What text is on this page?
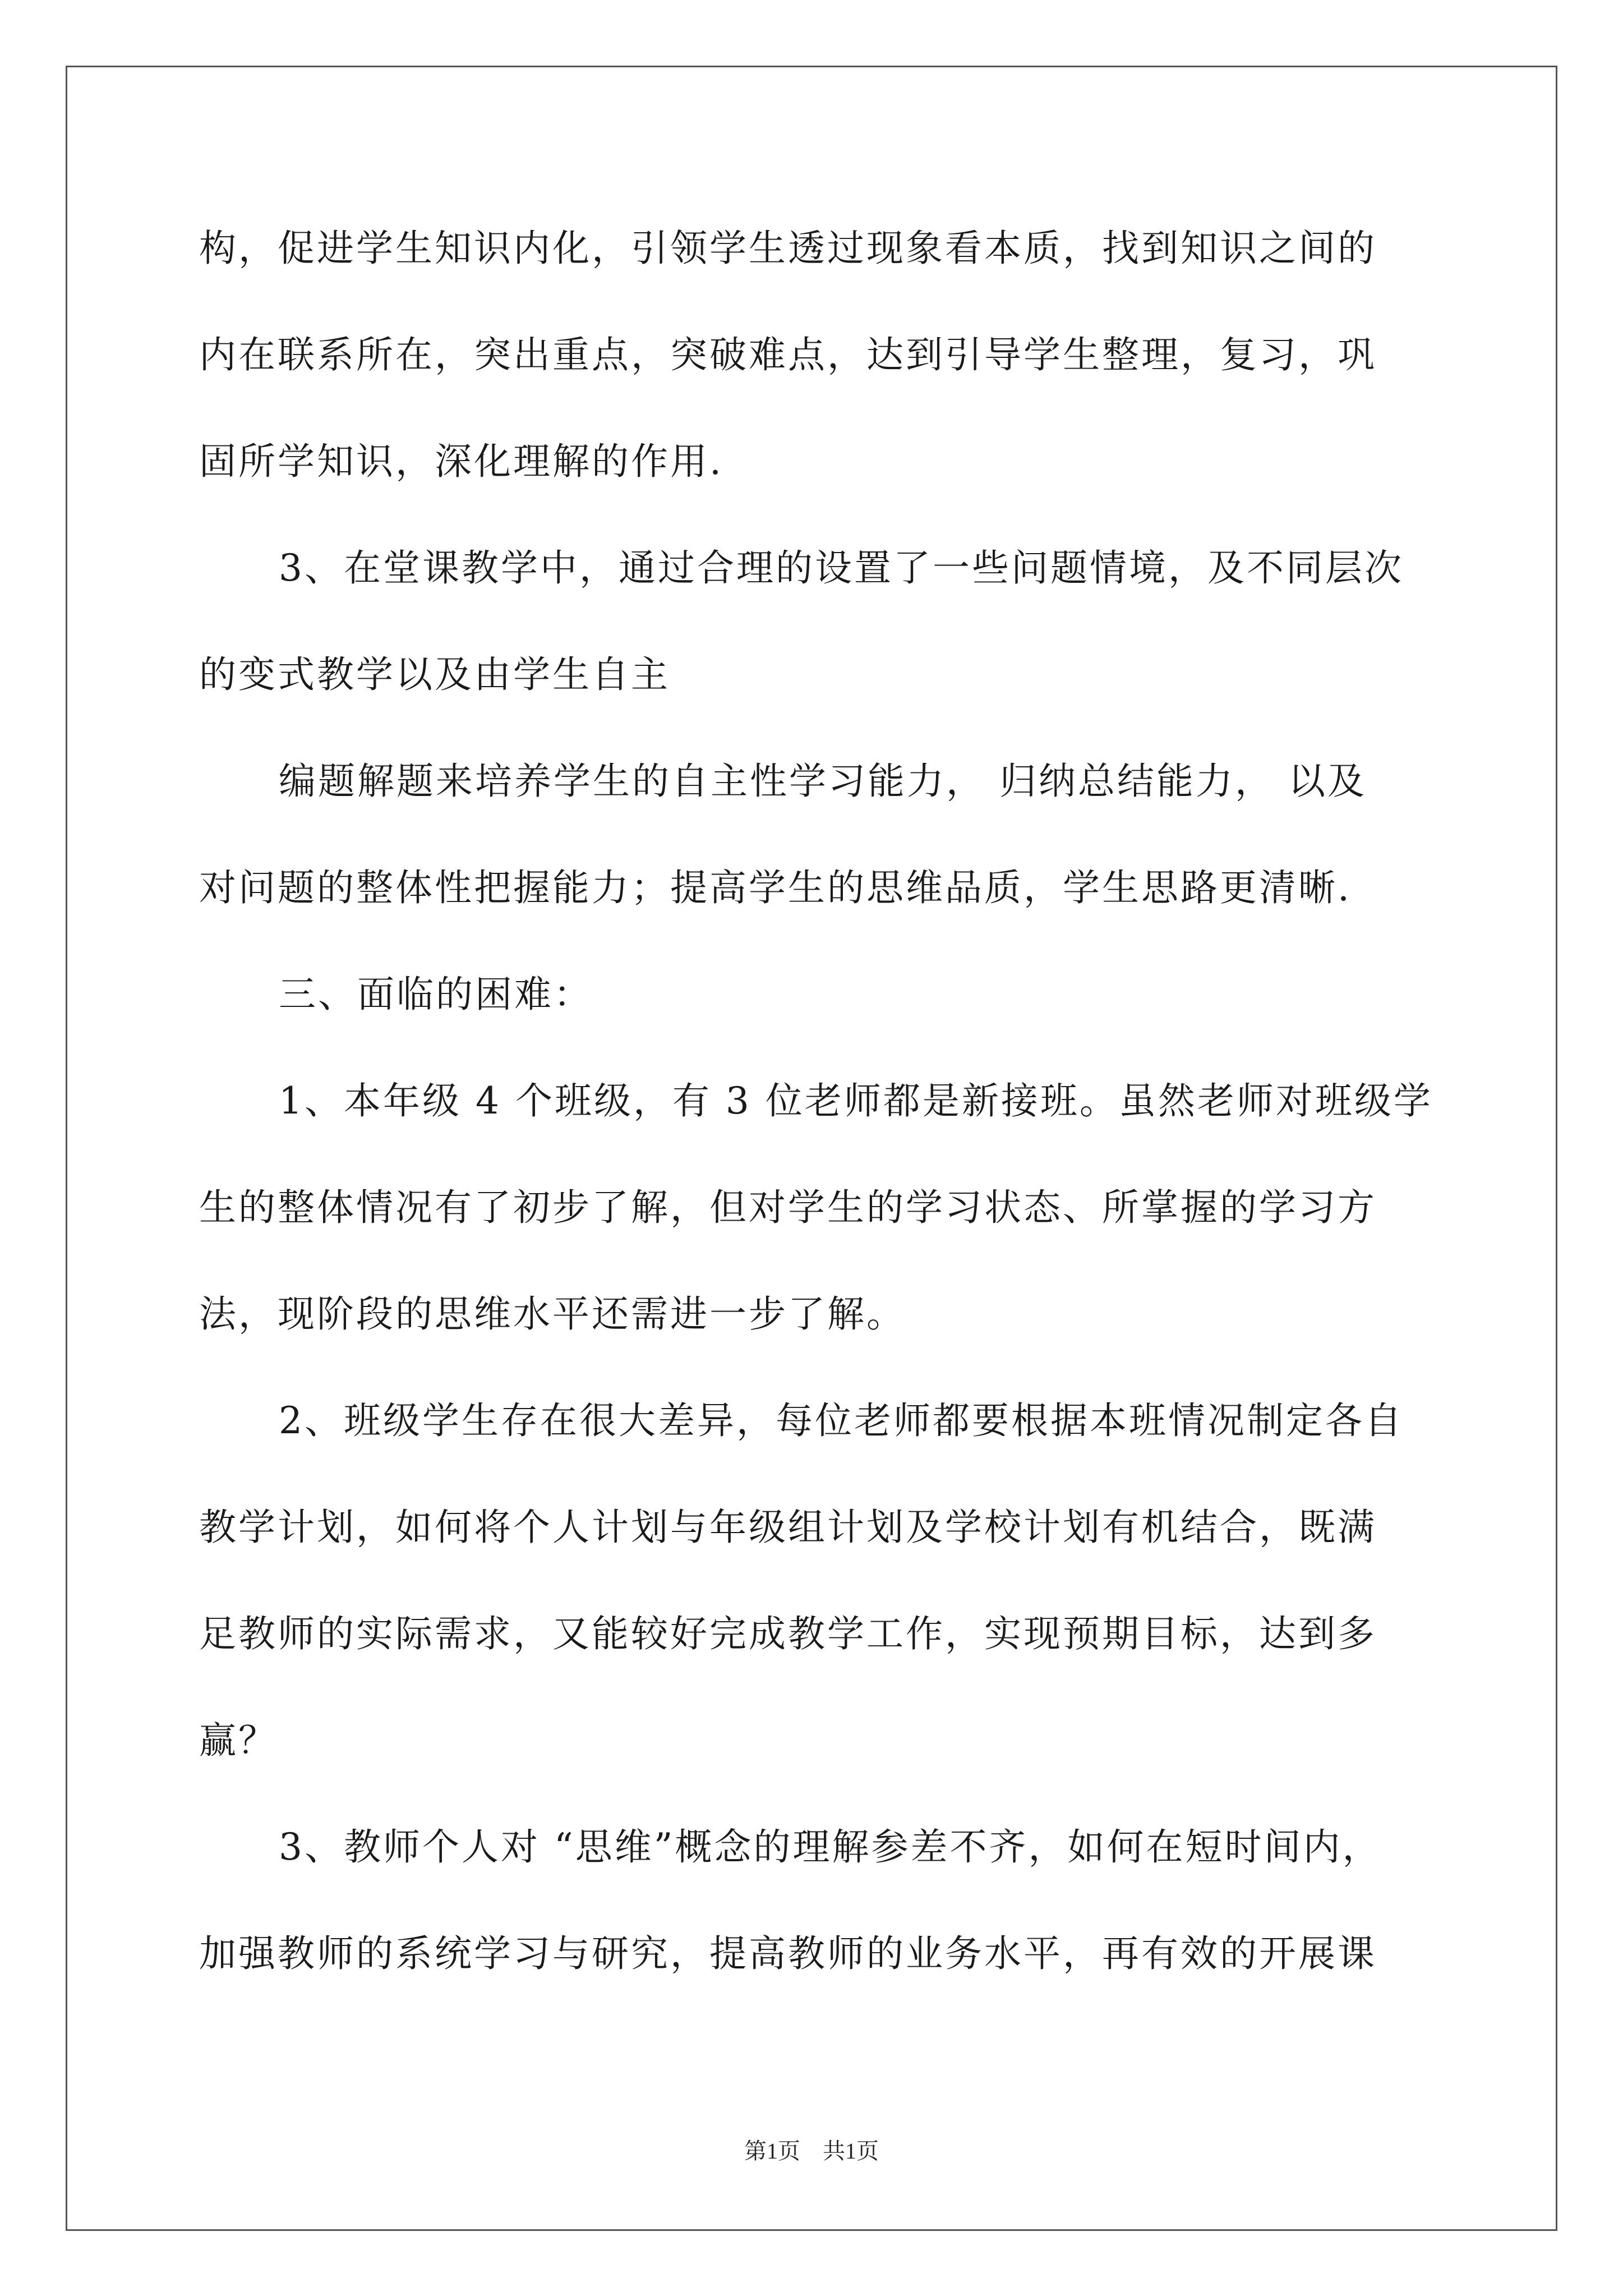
构，促进学生知识内化，引领学生透过现象看本质，找到知识之间的
内在联系所在，突出重点，突破难点，达到引导学生整理，复习，巩
固所学知识，深化理解的作用.
3、在堂课教学中，通过合理的设置了一些问题情境，及不同层次
的变式教学以及由学生自主
编题解题来培养学生的自主性学习能力， 归纳总结能力， 以及
对问题的整体性把握能力；提高学生的思维品质，学生思路更清晰.
三、面临的困难：
1、本年级 4 个班级，有 3 位老师都是新接班。虽然老师对班级学
生的整体情况有了初步了解，但对学生的学习状态、所掌握的学习方
法，现阶段的思维水平还需进一步了解。
2、班级学生存在很大差异，每位老师都要根据本班情况制定各自
教学计划，如何将个人计划与年级组计划及学校计划有机结合，既满
足教师的实际需求，又能较好完成教学工作，实现预期目标，达到多
赢？
3、教师个人对 “思维”概念的理解参差不齐，如何在短时间内，
加强教师的系统学习与研究，提高教师的业务水平，再有效的开展课
第1页 共1页
